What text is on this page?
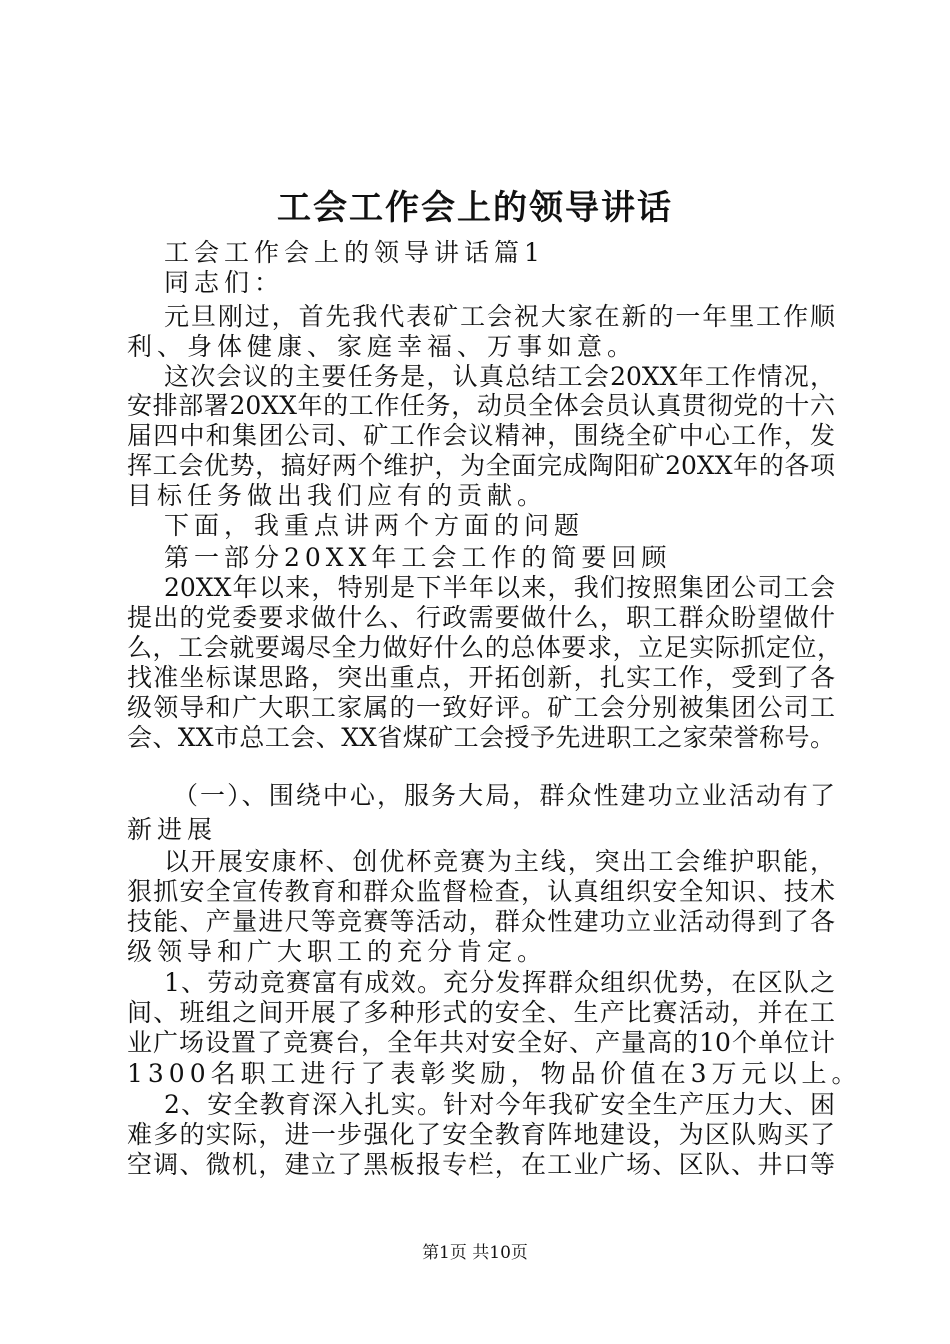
工会工作会上的领导讲话
工会工作会上的领导讲话篇1
同志们：
元旦刚过，首先我代表矿工会祝大家在新的一年里工作顺
利、身体健康、家庭幸福、万事如意。
这次会议的主要任务是，认真总结工会20XX年工作情况，
安排部署20XX年的工作任务，动员全体会员认真贯彻党的十六
届四中和集团公司、矿工作会议精神，围绕全矿中心工作，发
挥工会优势，搞好两个维护，为全面完成陶阳矿20XX年的各项
目标任务做出我们应有的贡献。
下面，我重点讲两个方面的问题
第一部分20XX年工会工作的简要回顾
20XX年以来，特别是下半年以来，我们按照集团公司工会
提出的党委要求做什么、行政需要做什么，职工群众盼望做什
么，工会就要竭尽全力做好什么的总体要求，立足实际抓定位，
找准坐标谋思路，突出重点，开拓创新，扎实工作，受到了各
级领导和广大职工家属的一致好评。矿工会分别被集团公司工
会、XX市总工会、XX省煤矿工会授予先进职工之家荣誉称号。
（一）、围绕中心，服务大局，群众性建功立业活动有了
新进展
以开展安康杯、创优杯竞赛为主线，突出工会维护职能，
狠抓安全宣传教育和群众监督检查，认真组织安全知识、技术
技能、产量进尺等竞赛等活动，群众性建功立业活动得到了各
级领导和广大职工的充分肯定。
1、劳动竞赛富有成效。充分发挥群众组织优势，在区队之
间、班组之间开展了多种形式的安全、生产比赛活动，并在工
业广场设置了竞赛台，全年共对安全好、产量高的10个单位计
1300名职工进行了表彰奖励，物品价值在3万元以上。
2、安全教育深入扎实。针对今年我矿安全生产压力大、困
难多的实际，进一步强化了安全教育阵地建设，为区队购买了
空调、微机，建立了黑板报专栏，在工业广场、区队、井口等
第1页 共10页
